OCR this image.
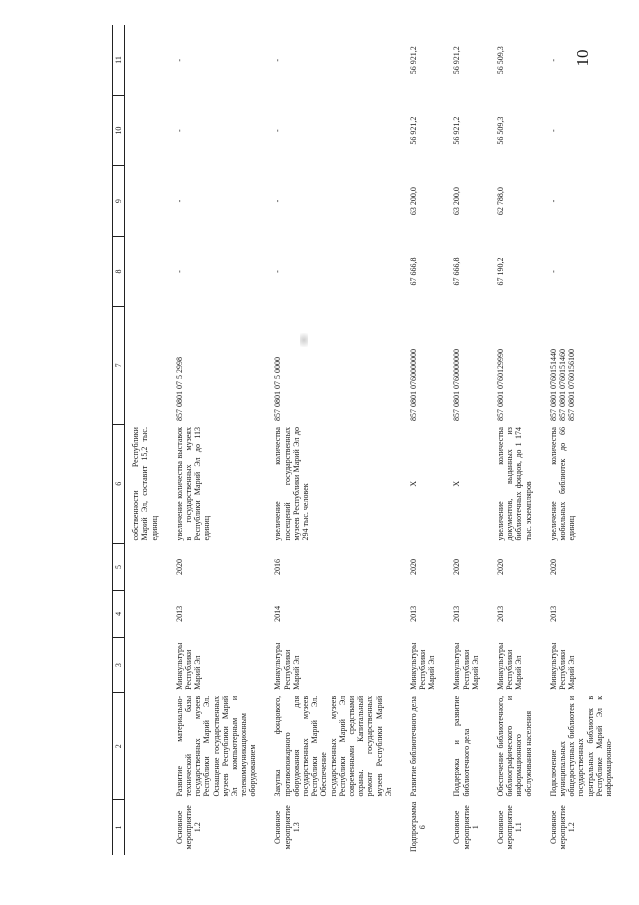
10
1	2	3	4	5	6	7	8	9	10	11
					собственности Республики Марий Эл, составит 15,2 тыс. единиц					
Основное мероприятие 1.2	Развитие материально-технической базы государственных музеев Республики Марий Эл. Оснащение государственных музеев Республики Марий Эл компьютерным и телекоммуникационным оборудованием	Минкультуры Республики Марий Эл	2013	2020	увеличение количества выставок в государственных музеях Республики Марий Эл до 113 единиц	857 0801 07 5 2998	-	-	-	-
Основное мероприятие 1.3	Закупка фондового, противопожарного оборудования для государственных музеев Республики Марий Эл. Обеспечение государственных музеев Республики Марий Эл современными средствами охраны. Капитальный ремонт государственных музеев Республики Марий Эл	Минкультуры Республики Марий Эл	2014	2016	увеличение количества посещений государственных музеев Республики Марий Эл до 294 тыс. человек	857 0801 07 5 0000	-	-	-	-
Подпрограмма 6	Развитие библиотечного дела	Минкультуры Республики Марий Эл	2013	2020	X	857 0801 0760000000	67 666,8	63 200,0	56 921,2	56 921,2
Основное мероприятие 1	Поддержка и развитие библиотечного дела	Минкультуры Республики Марий Эл	2013	2020	X	857 0801 0760000000	67 666,8	63 200,0	56 921,2	56 921,2
Основное мероприятие 1.1	Обеспечение библиотечного, библиографического и информационного обслуживания населения	Минкультуры Республики Марий Эл	2013	2020	увеличение количества документов, выданных из библиотечных фондов, до 1 174 тыс. экземпляров	857 0801 0760129990	67 190,2	62 788,0	56 509,3	56 509,3
Основное мероприятие 1.2	Подключение муниципальных общедоступных библиотек и государственных центральных библиотек в Республике Марий Эл к информационно-	Минкультуры Республики Марий Эл	2013	2020	увеличение количества мобильных библиотек до 66 единиц	857 0801 0760151440 857 0801 0760151460 857 0801 0760156100	-	-	-	-
